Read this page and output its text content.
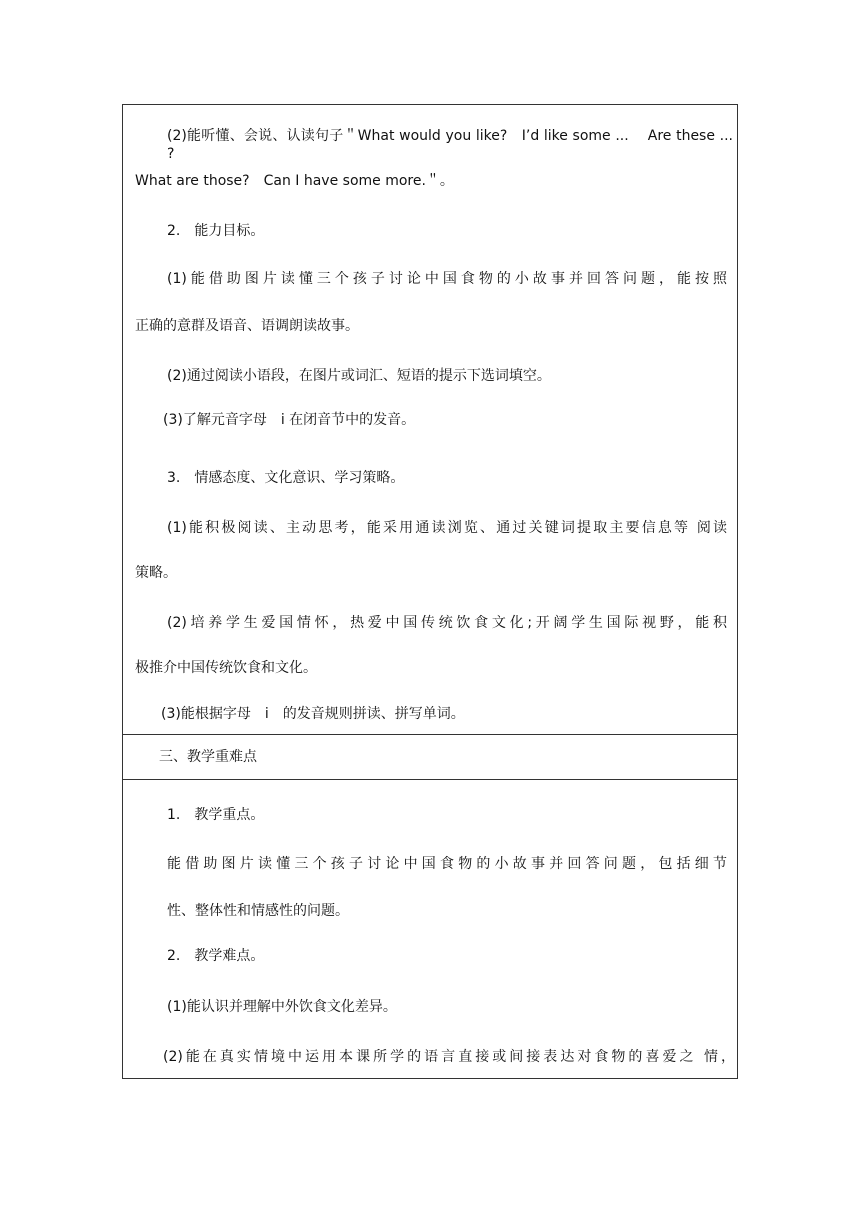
(2)能听懂、会说、认读句子＂What would you like?　I’d like some ...　 Are these ... ?
What are those?　Can I have some more.＂。
2.　能力目标。
(1)能借助图片读懂三个孩子讨论中国食物的小故事并回答问题，能按照
正确的意群及语音、语调朗读故事。
(2)通过阅读小语段，在图片或词汇、短语的提示下选词填空。
(3)了解元音字母　i 在闭音节中的发音。
3.　情感态度、文化意识、学习策略。
(1)能积极阅读、主动思考，能采用通读浏览、通过关键词提取主要信息等 阅读
策略。
(2)培养学生爱国情怀，热爱中国传统饮食文化;开阔学生国际视野，能积
极推介中国传统饮食和文化。
(3)能根据字母　i　的发音规则拼读、拼写单词。
三、教学重难点
1.　教学重点。
能借助图片读懂三个孩子讨论中国食物的小故事并回答问题，包括细节
性、整体性和情感性的问题。
2.　教学难点。
(1)能认识并理解中外饮食文化差异。
(2)能在真实情境中运用本课所学的语言直接或间接表达对食物的喜爱之 情，
